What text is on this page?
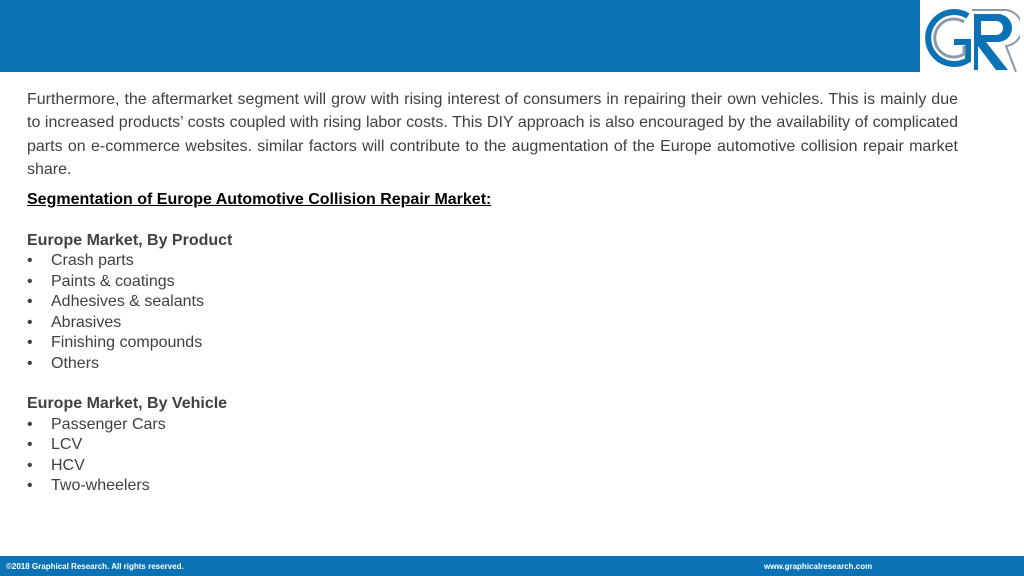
Furthermore, the aftermarket segment will grow with rising interest of consumers in repairing their own vehicles. This is mainly due to increased products’ costs coupled with rising labor costs. This DIY approach is also encouraged by the availability of complicated parts on e-commerce websites. similar factors will contribute to the augmentation of the Europe automotive collision repair market share.

Segmentation of Europe Automotive Collision Repair Market:

Europe Market, By Product

• Crash parts
• Paints & coatings
• Adhesives & sealants
• Abrasives
• Finishing compounds
• Others

Europe Market, By Vehicle

• Passenger Cars
• LCV
• HCV
• Two-wheelers
©2018 Graphical Research. All rights reserved.	www.graphicalresearch.com
